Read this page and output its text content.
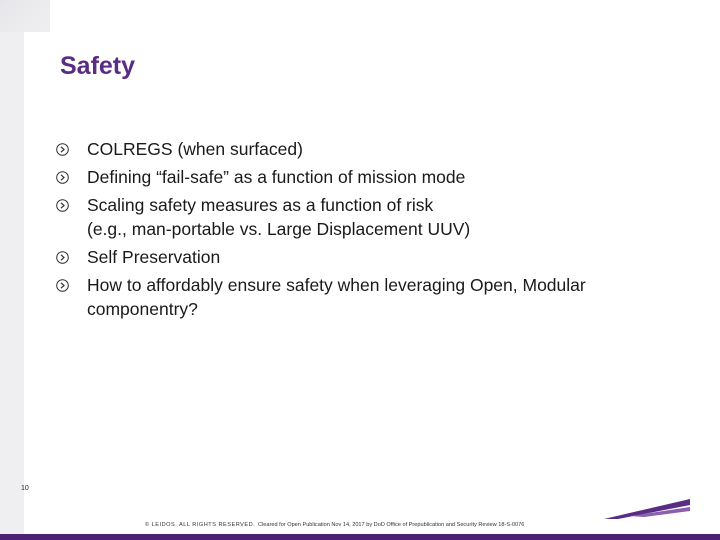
Safety
COLREGS (when surfaced)
Defining “fail-safe” as a function of mission mode
Scaling safety measures as a function of risk
(e.g., man-portable vs. Large Displacement UUV)
Self Preservation
How to affordably ensure safety when leveraging Open, Modular
componentry?
10
© LEIDOS. ALL RIGHTS RESERVED. Cleared for Open Publication Nov 14, 2017 by DoD Office of Prepublication and Security Review 18-S-0076
